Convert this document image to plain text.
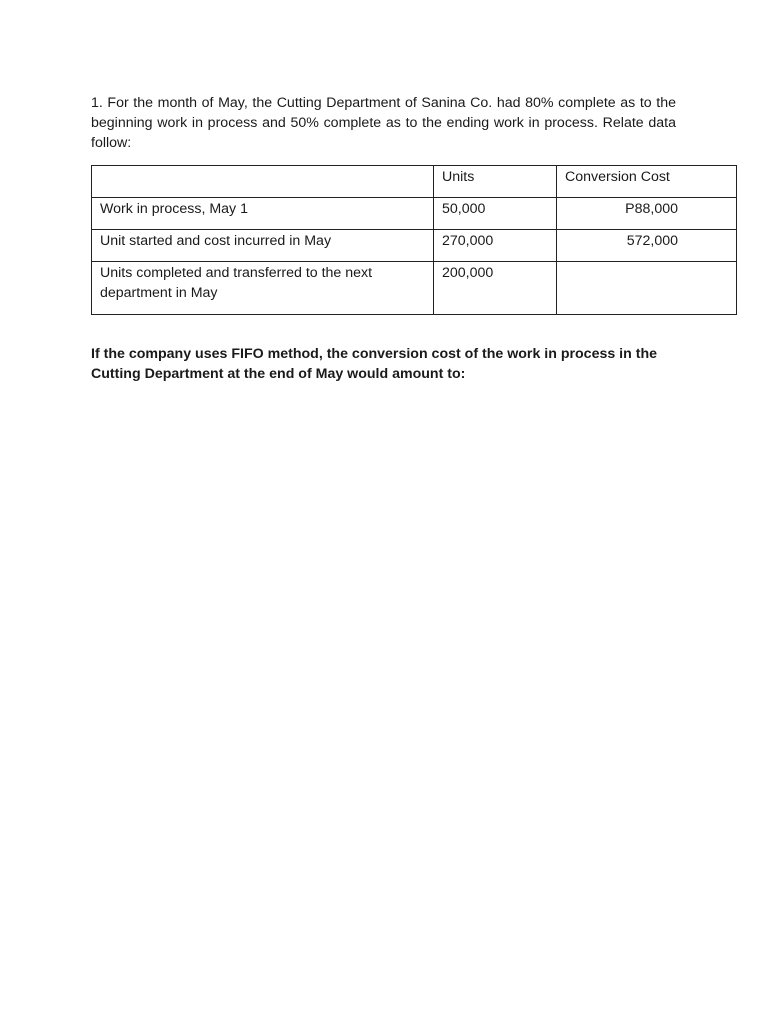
1. For the month of May, the Cutting Department of Sanina Co. had 80% complete as to the beginning work in process and 50% complete as to the ending work in process. Relate data follow:

	Units	Conversion Cost
Work in process, May 1	50,000	P88,000
Unit started and cost incurred in May	270,000	572,000
Units completed and transferred to the next department in May	200,000	

If the company uses FIFO method, the conversion cost of the work in process in the Cutting Department at the end of May would amount to:
